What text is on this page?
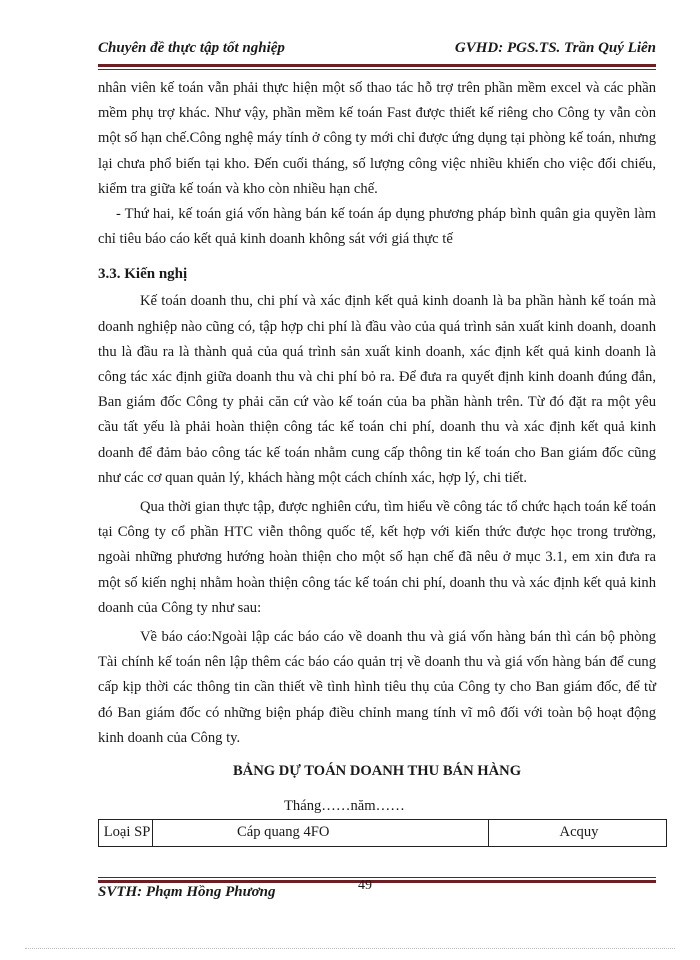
Chuyên đề thực tập tốt nghiệp	GVHD: PGS.TS. Trần Quý Liên

nhân viên kế toán vẫn phải thực hiện một số thao tác hỗ trợ trên phần mềm excel và các phần mềm phụ trợ khác. Như vậy, phần mềm kế toán Fast được thiết kế riêng cho Công ty vẫn còn một số hạn chế.Công nghệ máy tính ở công ty mới chỉ được ứng dụng tại phòng kế toán, nhưng lại chưa phổ biến tại kho. Đến cuối tháng, số lượng công việc nhiều khiến cho việc đối chiếu, kiểm tra giữa kế toán và kho còn nhiều hạn chế.

- Thứ hai, kế toán giá vốn hàng bán kế toán áp dụng phương pháp bình quân gia quyền làm chỉ tiêu báo cáo kết quả kinh doanh không sát với giá thực tế

3.3. Kiến nghị

Kế toán doanh thu, chi phí và xác định kết quả kinh doanh là ba phần hành kế toán mà doanh nghiệp nào cũng có, tập hợp chi phí là đầu vào của quá trình sản xuất kinh doanh, doanh thu là đầu ra là thành quả của quá trình sản xuất kinh doanh, xác định kết quả kinh doanh là công tác xác định giữa doanh thu và chi phí bỏ ra. Để đưa ra quyết định kinh doanh đúng đắn, Ban giám đốc Công ty phải căn cứ vào kế toán của ba phần hành trên. Từ đó đặt ra một yêu cầu tất yếu là phải hoàn thiện công tác kế toán chi phí, doanh thu và xác định kết quả kinh doanh để đảm bảo công tác kế toán nhằm cung cấp thông tin kế toán cho Ban giám đốc cũng như các cơ quan quản lý, khách hàng một cách chính xác, hợp lý, chi tiết.

Qua thời gian thực tập, được nghiên cứu, tìm hiểu về công tác tổ chức hạch toán kế toán tại Công ty cổ phần HTC viễn thông quốc tế, kết hợp với kiến thức được học trong trường, ngoài những phương hướng hoàn thiện cho một số hạn chế đã nêu ở mục 3.1, em xin đưa ra một số kiến nghị nhằm hoàn thiện công tác kế toán chi phí, doanh thu và xác định kết quả kinh doanh của Công ty như sau:

Về báo cáo:Ngoài lập các báo cáo về doanh thu và giá vốn hàng bán thì cán bộ phòng Tài chính kế toán nên lập thêm các báo cáo quản trị về doanh thu và giá vốn hàng bán để cung cấp kịp thời các thông tin cần thiết về tình hình tiêu thụ của Công ty cho Ban giám đốc, để từ đó Ban giám đốc có những biện pháp điều chỉnh mang tính vĩ mô đối với toàn bộ hoạt động kinh doanh của Công ty.

BẢNG DỰ TOÁN DOANH THU BÁN HÀNG

Tháng……năm……

Loại SP	Cáp quang 4FO	Acquy
SVTH: Phạm Hồng Phương	49
